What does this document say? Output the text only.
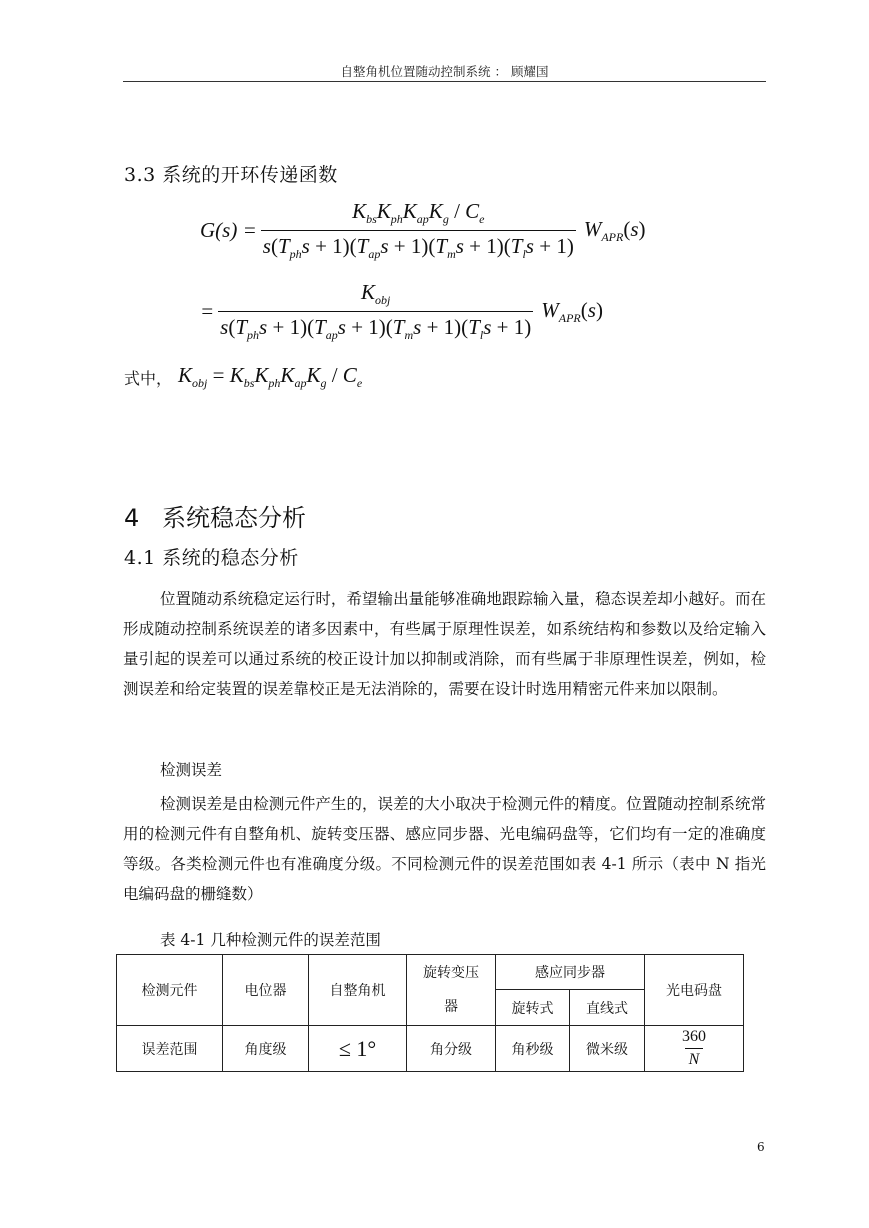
自整角机位置随动控制系统 ： 顾耀国
3.3 系统的开环传递函数
$G(s) = \frac{K_{bs}K_{ph}K_{ap}K_g / C_e}{s(T_{ph}s + 1)(T_{ap}s + 1)(T_ms + 1)(T_ls + 1)} W_{APR}(s)$
= $\frac{K_{obj}}{s(T_{ph}s + 1)(T_{ap}s + 1)(T_ms + 1)(T_ls + 1)} W_{APR}(s)$
式中， $K_{obj} = K_{bs}K_{ph}K_{ap}K_g / C_e$
4 系统稳态分析
4.1 系统的稳态分析

位置随动系统稳定运行时，希望输出量能够准确地跟踪输入量，稳态误差却小越好。而在形成随动控制系统误差的诸多因素中，有些属于原理性误差，如系统结构和参数以及给定输入量引起的误差可以通过系统的校正设计加以抑制或消除，而有些属于非原理性误差，例如，检测误差和给定装置的误差靠校正是无法消除的，需要在设计时选用精密元件来加以限制。

检测误差

检测误差是由检测元件产生的，误差的大小取决于检测元件的精度。位置随动控制系统常用的检测元件有自整角机、旋转变压器、感应同步器、光电编码盘等，它们均有一定的准确度等级。各类检测元件也有准确度分级。不同检测元件的误差范围如表 4-1 所示（表中 N 指光电编码盘的栅缝数）

表 4-1 几种检测元件的误差范围
检测元件	电位器	自整角机	旋转变压
器	感应同步器		光电码盘
				旋转式	直线式	
误差范围	角度级	≤ 1°	角分级	角秒级	微米级	$\frac{360}{N}$
6
